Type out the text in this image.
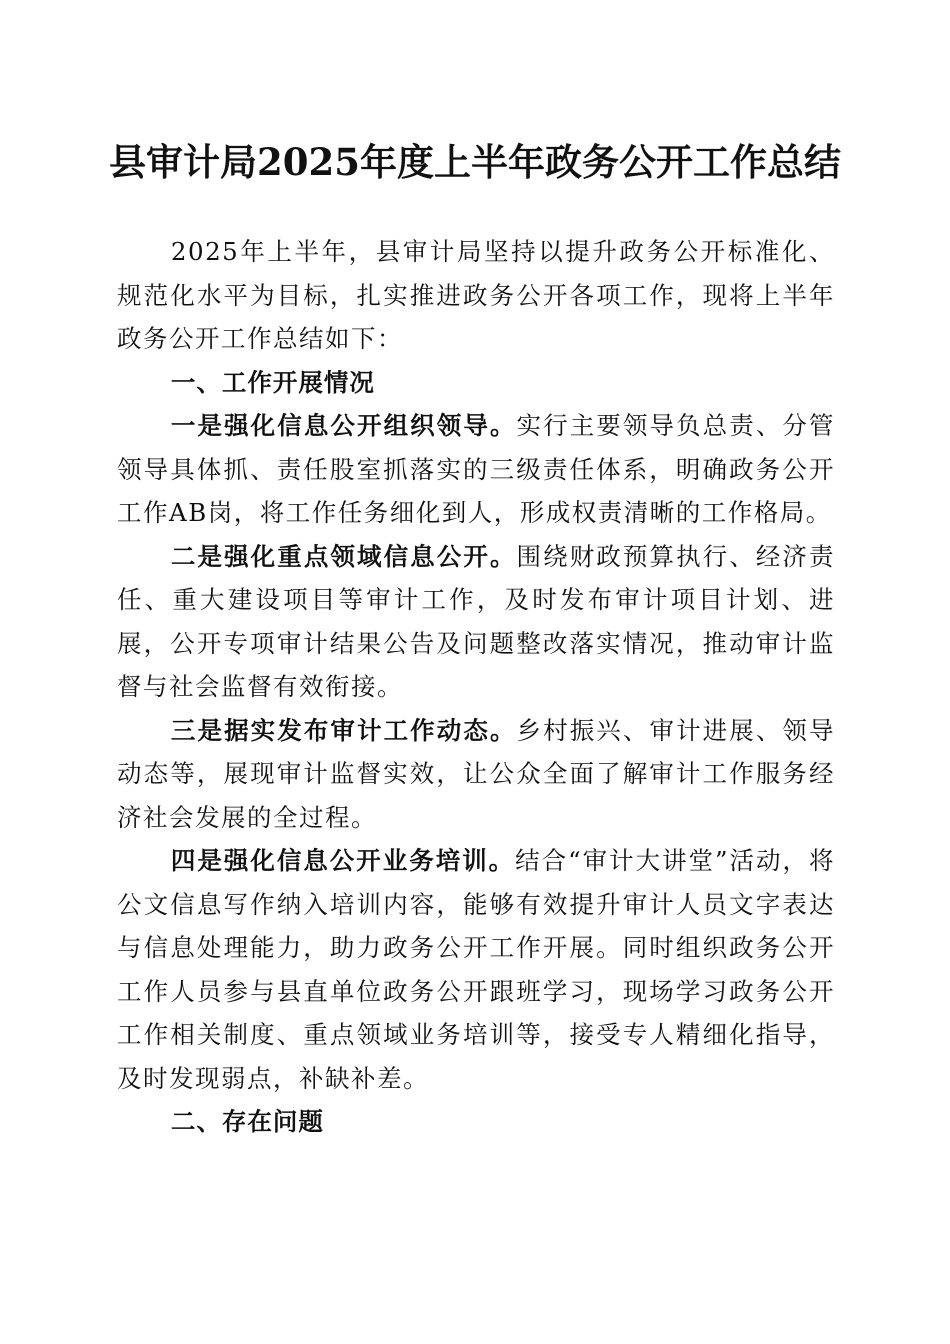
县审计局2025年度上半年政务公开工作总结

2025年上半年，县审计局坚持以提升政务公开标准化、规范化水平为目标，扎实推进政务公开各项工作，现将上半年政务公开工作总结如下：

一、工作开展情况

一是强化信息公开组织领导。实行主要领导负总责、分管领导具体抓、责任股室抓落实的三级责任体系，明确政务公开工作AB岗，将工作任务细化到人，形成权责清晰的工作格局。

二是强化重点领域信息公开。围绕财政预算执行、经济责任、重大建设项目等审计工作，及时发布审计项目计划、进展，公开专项审计结果公告及问题整改落实情况，推动审计监督与社会监督有效衔接。

三是据实发布审计工作动态。乡村振兴、审计进展、领导动态等，展现审计监督实效，让公众全面了解审计工作服务经济社会发展的全过程。

四是强化信息公开业务培训。结合“审计大讲堂”活动，将公文信息写作纳入培训内容，能够有效提升审计人员文字表达与信息处理能力，助力政务公开工作开展。同时组织政务公开工作人员参与县直单位政务公开跟班学习，现场学习政务公开工作相关制度、重点领域业务培训等，接受专人精细化指导，及时发现弱点，补缺补差。

二、存在问题
